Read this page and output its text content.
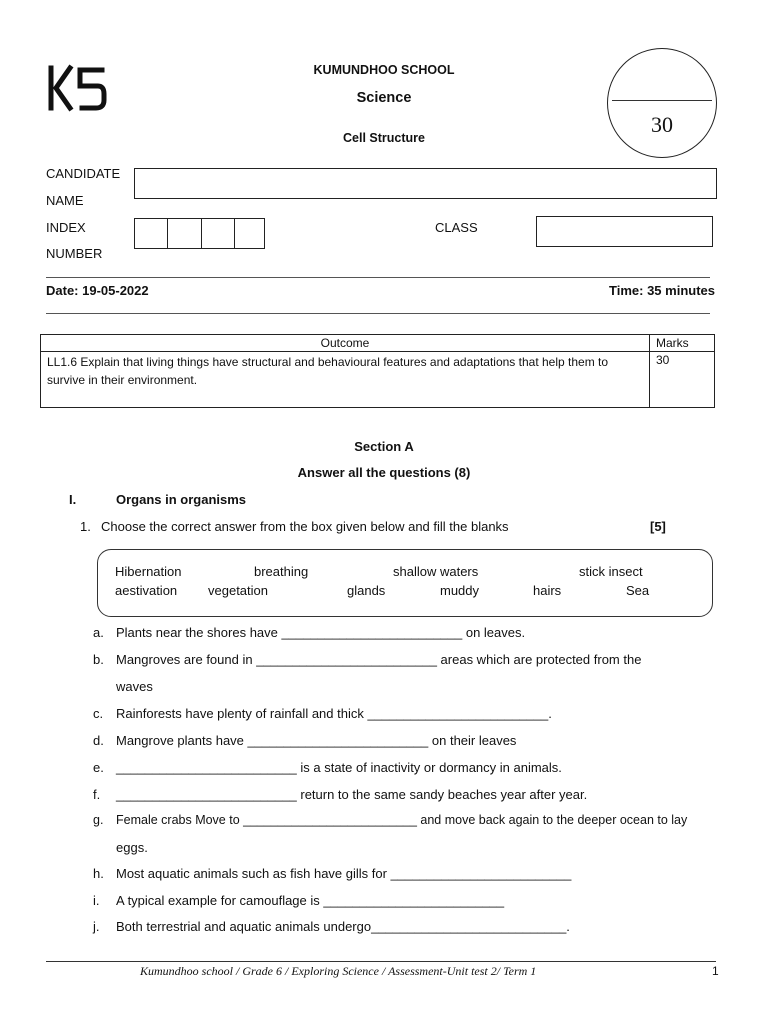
KUMUNDHOO SCHOOL
Science
Cell Structure
30
CANDIDATE
NAME
INDEX
NUMBER
CLASS
Date: 19-05-2022	Time: 35 minutes
Outcome	Marks
LL1.6 Explain that living things have structural and behavioural features and adaptations that help them to survive in their environment.	30
Section A
Answer all the questions (8)
I.	Organs in organisms
1. Choose the correct answer from the box given below and fill the blanks	[5]
Hibernation	breathing	shallow waters	stick insect
aestivation vegetation	glands	muddy	hairs	Sea
a. Plants near the shores have _________________________ on leaves.
b. Mangroves are found in _________________________ areas which are protected from the
waves
c. Rainforests have plenty of rainfall and thick _________________________.
d. Mangrove plants have _________________________ on their leaves
e. _________________________ is a state of inactivity or dormancy in animals.
f. _________________________ return to the same sandy beaches year after year.
g. Female crabs Move to _________________________ and move back again to the deeper ocean to lay
eggs.
h. Most aquatic animals such as fish have gills for _________________________
i. A typical example for camouflage is _________________________
j. Both terrestrial and aquatic animals undergo___________________________.
Kumundhoo school / Grade 6 / Exploring Science / Assessment-Unit test 2/ Term 1	1
